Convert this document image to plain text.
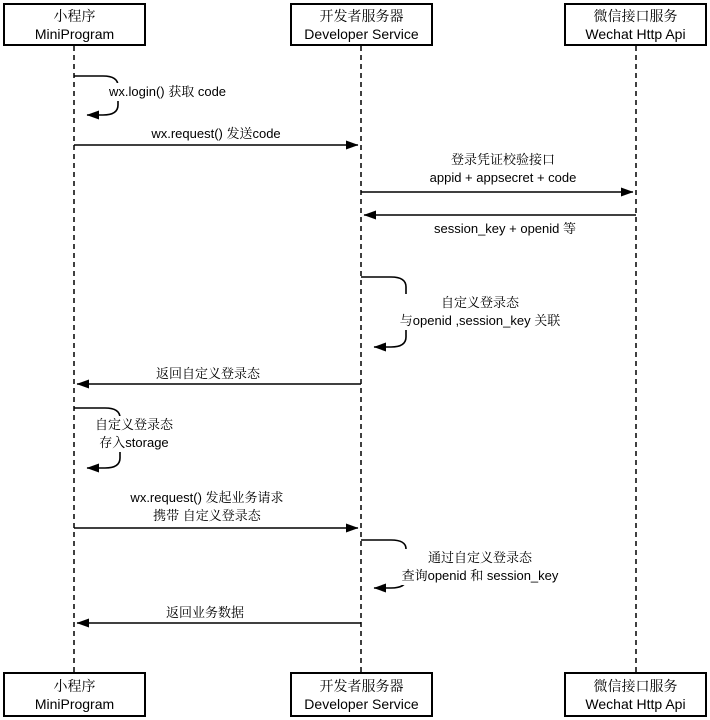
wx.login() 获取 code
wx.request() 发送code
登录凭证校验接口
appid + appsecret + code
session_key + openid 等
自定义登录态
与openid ,session_key 关联
返回自定义登录态
自定义登录态
存入storage
wx.request() 发起业务请求
携带 自定义登录态
通过自定义登录态
查询openid 和 session_key
返回业务数据
小程序
MiniProgram
开发者服务器
Developer Service
微信接口服务
Wechat Http Api
小程序
MiniProgram
开发者服务器
Developer Service
微信接口服务
Wechat Http Api
